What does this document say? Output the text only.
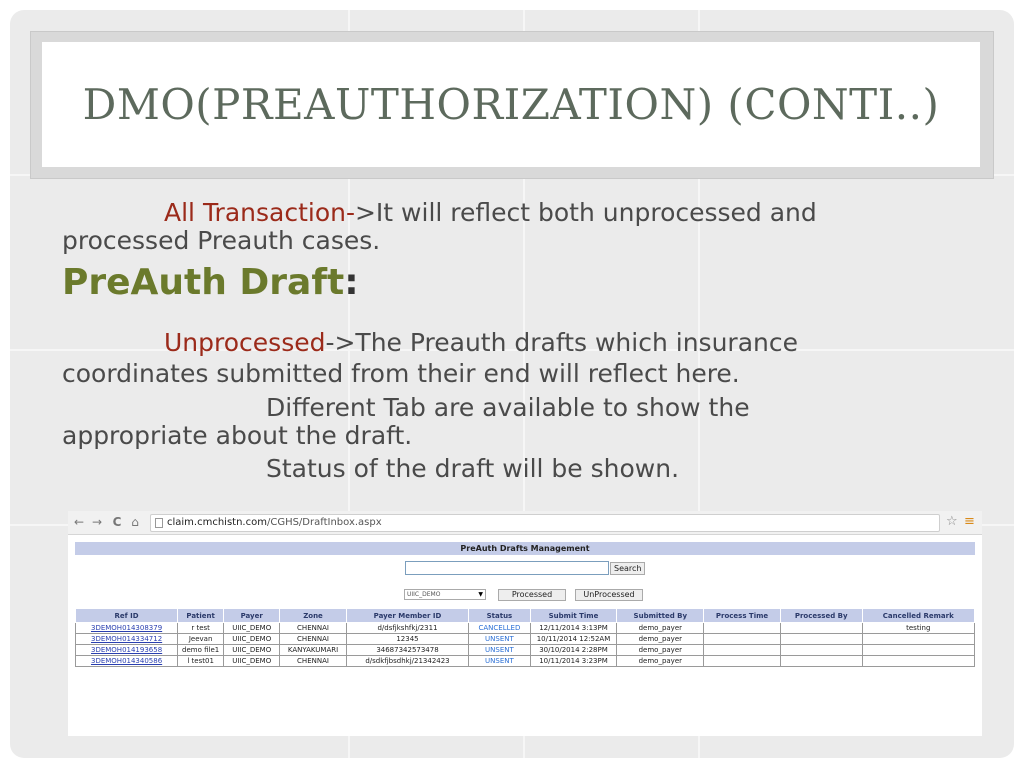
DMO(PREAUTHORIZATION) (CONTI..)
All Transaction->It will reflect both unprocessed and
processed Preauth cases.
PreAuth Draft:
Unprocessed->The Preauth drafts which insurance
coordinates submitted from their end will reflect here.
Different Tab are available to show the
appropriate about the draft.
Status of the draft will be shown.
← → C ⌂	claim.cmchistn.com/CGHS/DraftInbox.aspx	☆ ≡
PreAuth Drafts Management
Search
UIIC_DEMO	▼	Processed	UnProcessed
Ref ID	Patient	Payer	Zone	Payer Member ID	Status	Submit Time	Submitted By	Process Time	Processed By	Cancelled Remark
3DEMOH014308379	r test	UIIC_DEMO	CHENNAI	d/dsfjkshfkj/2311	CANCELLED	12/11/2014 3:13PM	demo_payer			testing
3DEMOH014334712	Jeevan	UIIC_DEMO	CHENNAI	12345	UNSENT	10/11/2014 12:52AM	demo_payer			
3DEMOH014193658	demo file1	UIIC_DEMO	KANYAKUMARI	34687342573478	UNSENT	30/10/2014 2:28PM	demo_payer			
3DEMOH014340586	l test01	UIIC_DEMO	CHENNAI	d/sdkfjbsdhkj/21342423	UNSENT	10/11/2014 3:23PM	demo_payer			
